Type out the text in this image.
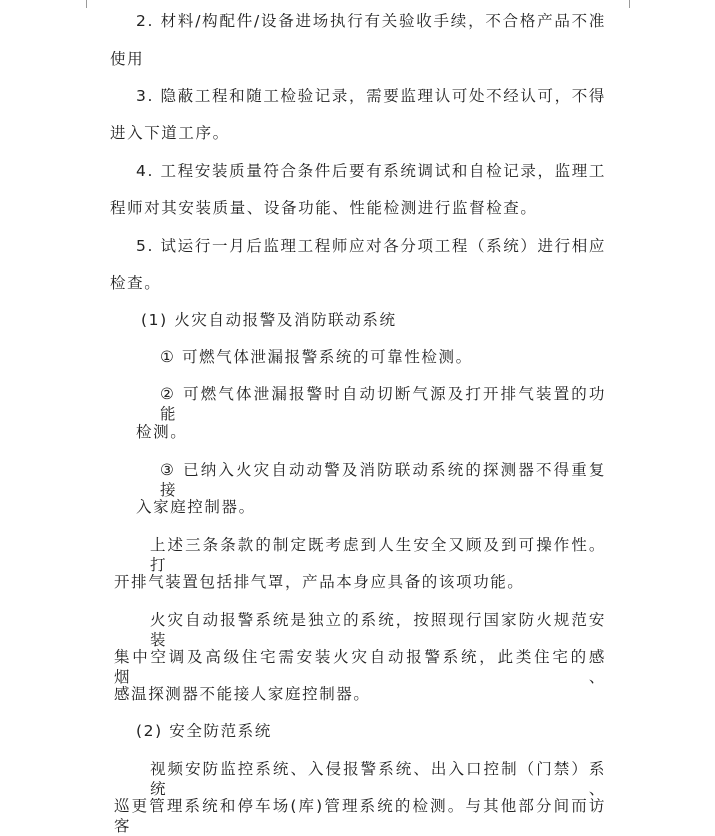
2. 材料/构配件/设备进场执行有关验收手续，不合格产品不准
使用
3. 隐蔽工程和随工检验记录，需要监理认可处不经认可，不得
进入下道工序。
4. 工程安装质量符合条件后要有系统调试和自检记录，监理工
程师对其安装质量、设备功能、性能检测进行监督检查。
5. 试运行一月后监理工程师应对各分项工程（系统）进行相应
检查。
(1) 火灾自动报警及消防联动系统
① 可燃气体泄漏报警系统的可靠性检测。
② 可燃气体泄漏报警时自动切断气源及打开排气装置的功能
检测。
③ 已纳入火灾自动动警及消防联动系统的探测器不得重复接
入家庭控制器。
上述三条条款的制定既考虑到人生安全又顾及到可操作性。打
开排气装置包括排气罩，产品本身应具备的该项功能。
火灾自动报警系统是独立的系统，按照现行国家防火规范安装
集中空调及高级住宅需安装火灾自动报警系统，此类住宅的感烟、
感温探测器不能接人家庭控制器。
(2) 安全防范系统
视频安防监控系统、入侵报警系统、出入口控制（门禁）系统、
巡更管理系统和停车场(库)管理系统的检测。与其他部分间而访客
